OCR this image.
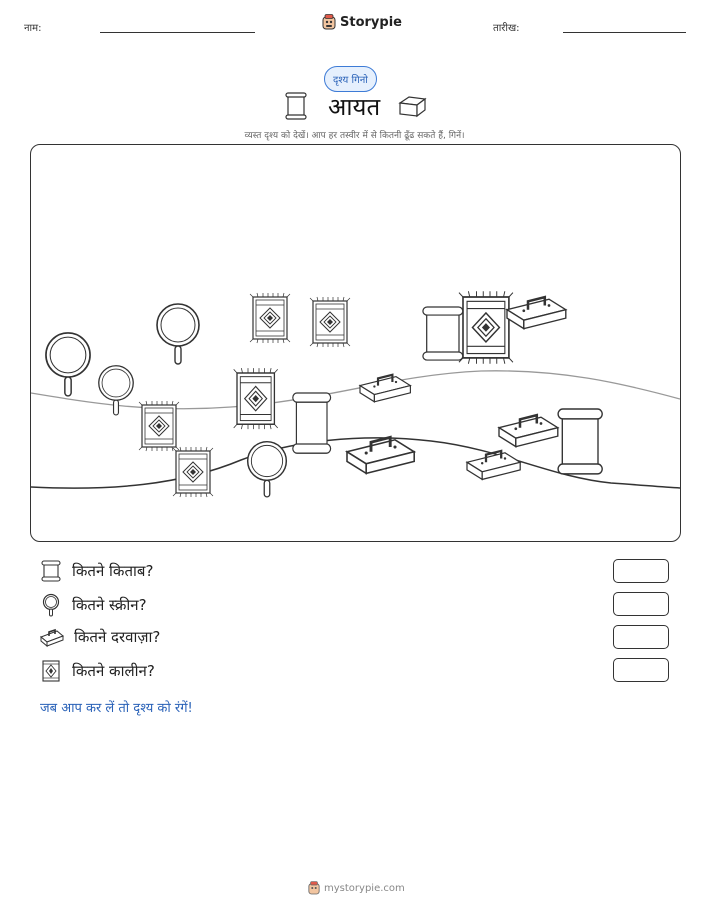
नाम:	Storypie	तारीख:
दृश्य गिनो
आयत
व्यस्त दृश्य को देखें। आप हर तस्वीर में से कितनी ढूँढ सकते हैं, गिनें।
कितने किताब?
कितने स्क्रीन?
कितने दरवाज़ा?
कितने कालीन?
जब आप कर लें तो दृश्य को रंगें!
mystorypie.com
